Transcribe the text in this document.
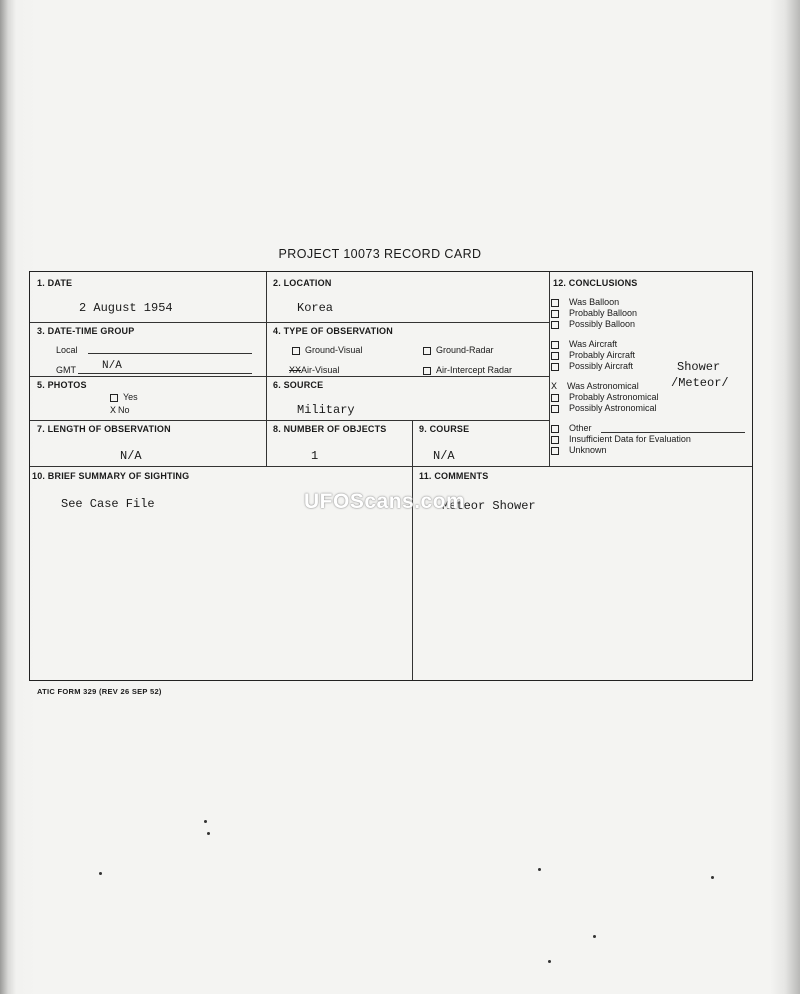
PROJECT 10073 RECORD CARD
1. DATE
2 August 1954
2. LOCATION
Korea
3. DATE-TIME GROUP
Local
GMT N/A
4. TYPE OF OBSERVATION
Ground-Visual	Ground-Radar
XXAir-Visual	Air-Intercept Radar
5. PHOTOS
Yes
X No
6. SOURCE
Military
7. LENGTH OF OBSERVATION
N/A
8. NUMBER OF OBJECTS
1
9. COURSE
N/A
12. CONCLUSIONS
Was Balloon
Probably Balloon
Possibly Balloon
Was Aircraft
Probably Aircraft
Possibly Aircraft	Shower
X Was Astronomical	/Meteor/
Probably Astronomical
Possibly Astronomical
Other
Insufficient Data for Evaluation
Unknown
10. BRIEF SUMMARY OF SIGHTING
See Case File
11. COMMENTS
Meteor Shower
UFOScans.com
ATIC FORM 329 (REV 26 SEP 52)
